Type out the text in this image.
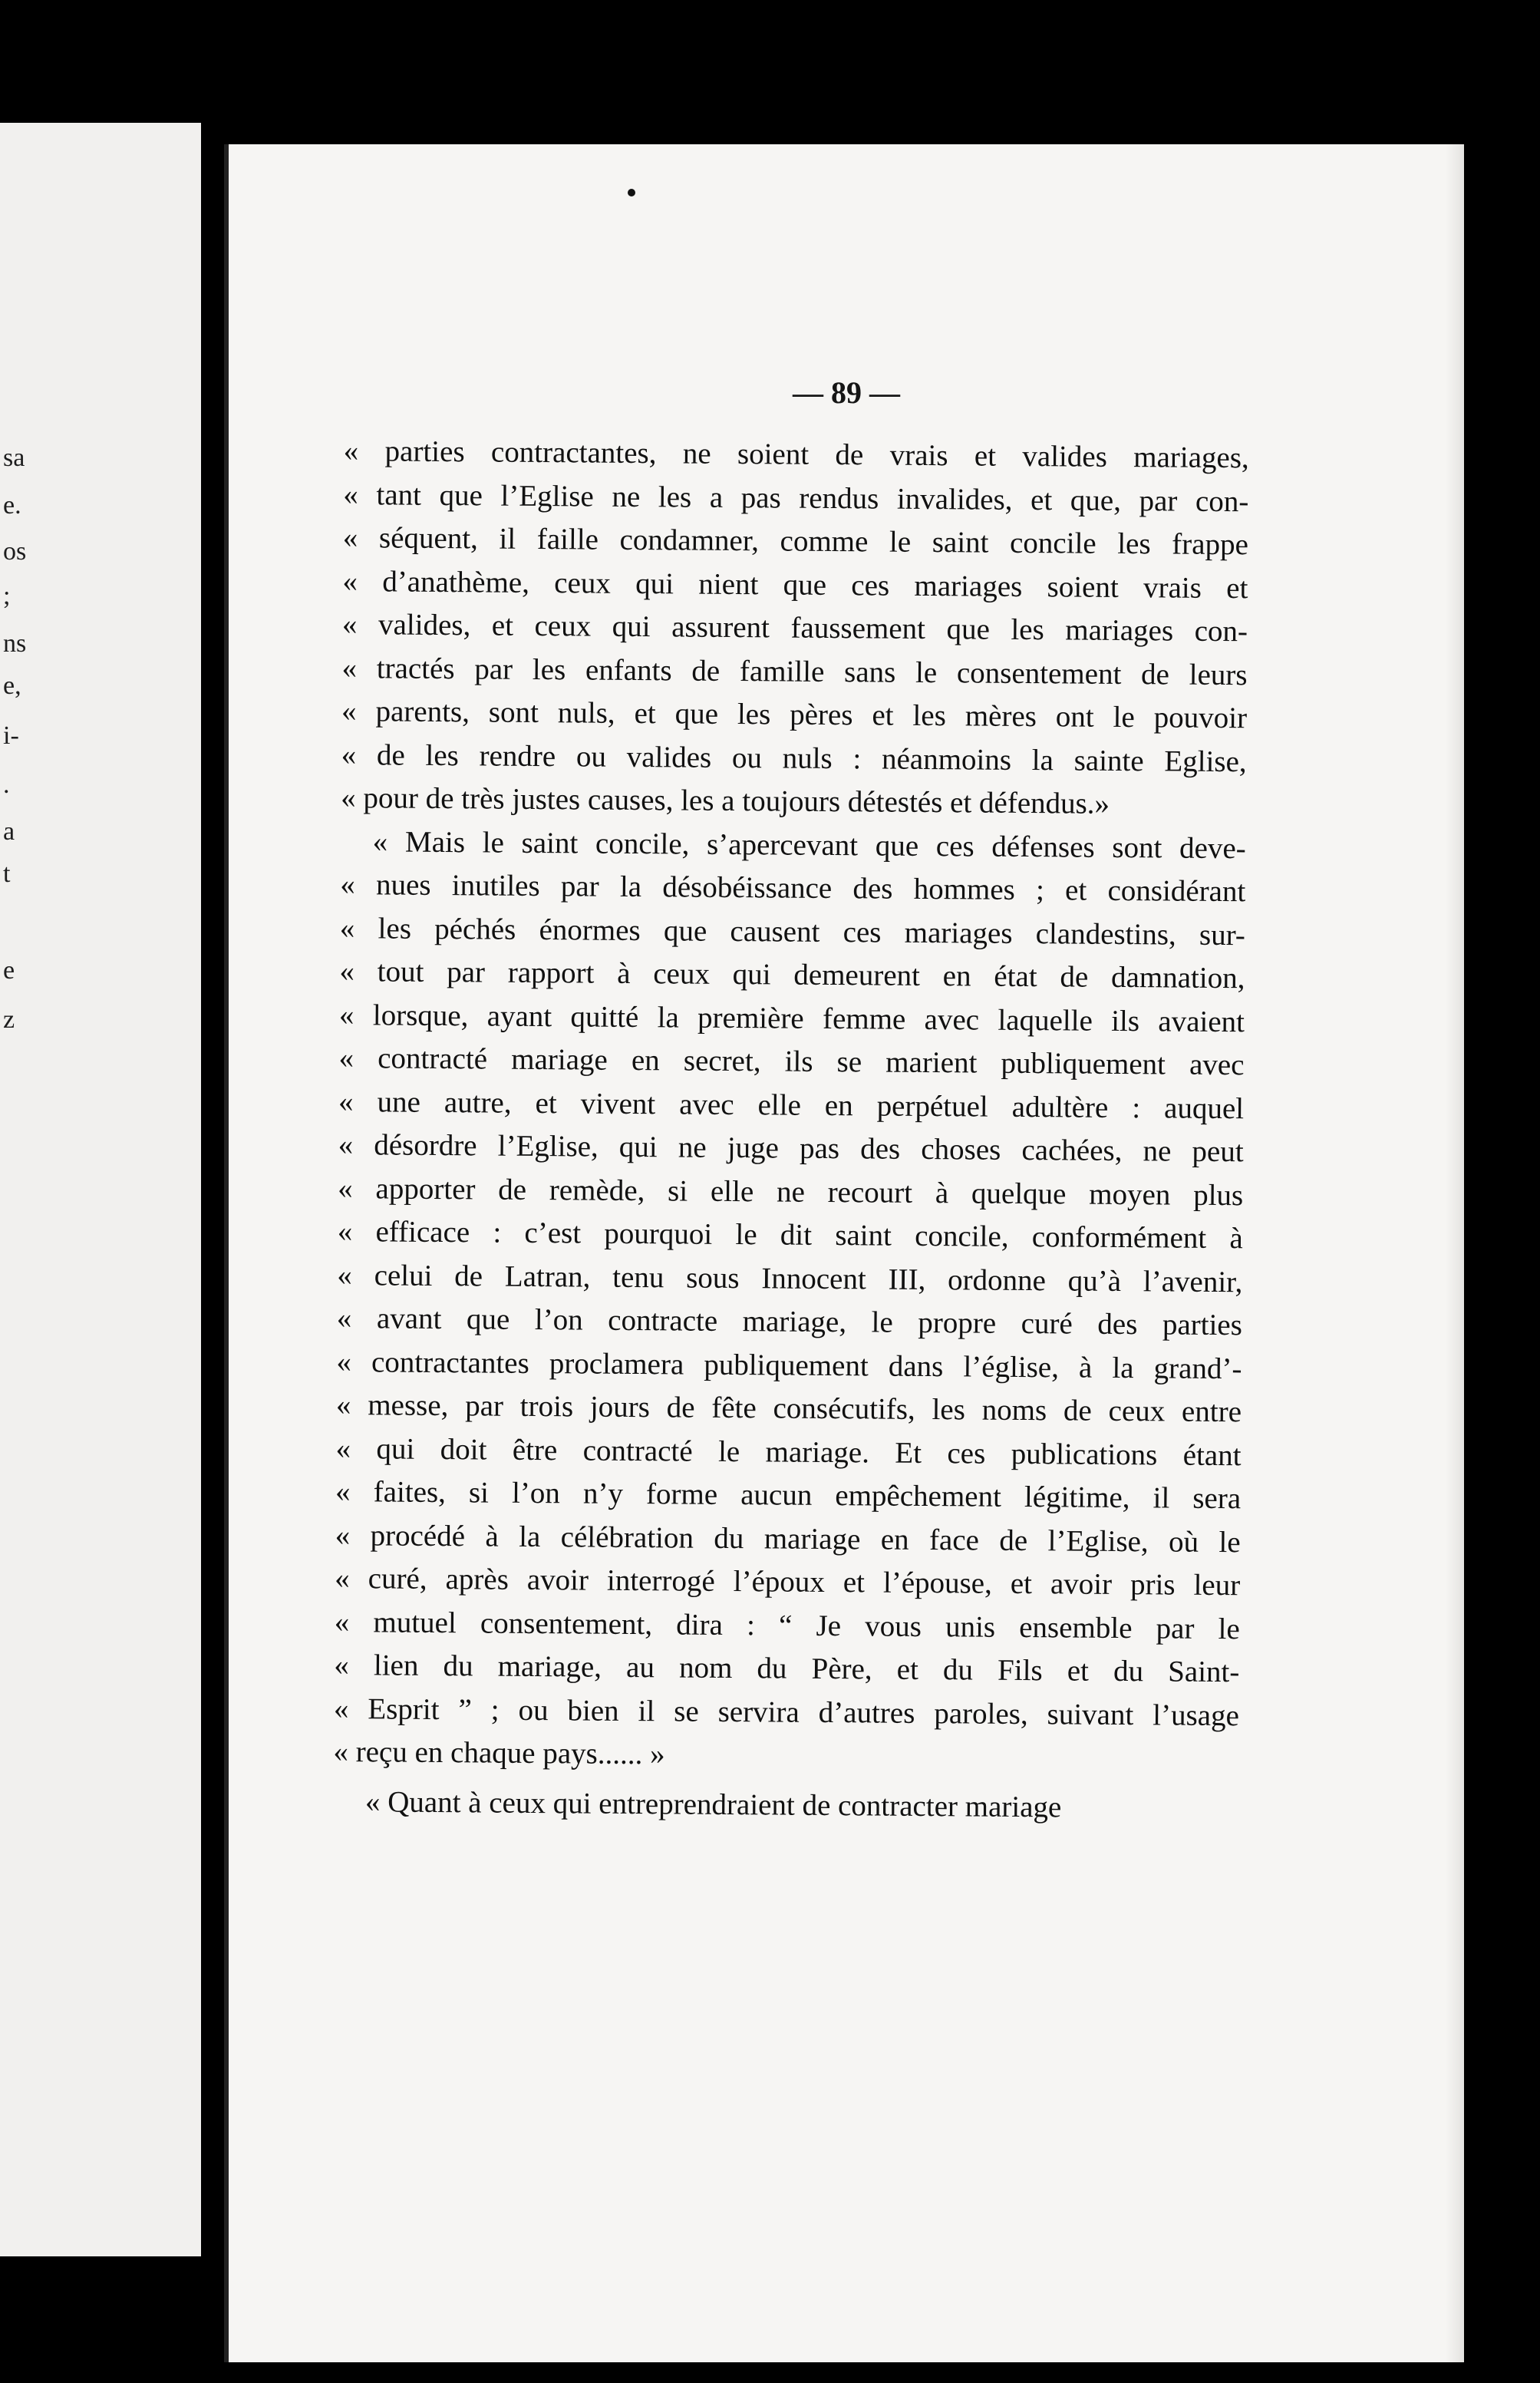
sa
e.
os
;
ns
e,
i-
.
a
t
e
z
— 89 —
« parties contractantes, ne soient de vrais et valides mariages,
« tant que l’Eglise ne les a pas rendus invalides, et que, par con-
« séquent, il faille condamner, comme le saint concile les frappe
« d’anathème, ceux qui nient que ces mariages soient vrais et
« valides, et ceux qui assurent faussement que les mariages con-
« tractés par les enfants de famille sans le consentement de leurs
« parents, sont nuls, et que les pères et les mères ont le pouvoir
« de les rendre ou valides ou nuls : néanmoins la sainte Eglise,
« pour de très justes causes, les a toujours détestés et défendus.»
« Mais le saint concile, s’apercevant que ces défenses sont deve-
« nues inutiles par la désobéissance des hommes ; et considérant
« les péchés énormes que causent ces mariages clandestins, sur-
« tout par rapport à ceux qui demeurent en état de damnation,
« lorsque, ayant quitté la première femme avec laquelle ils avaient
« contracté mariage en secret, ils se marient publiquement avec
« une autre, et vivent avec elle en perpétuel adultère : auquel
« désordre l’Eglise, qui ne juge pas des choses cachées, ne peut
« apporter de remède, si elle ne recourt à quelque moyen plus
« efficace : c’est pourquoi le dit saint concile, conformément à
« celui de Latran, tenu sous Innocent III, ordonne qu’à l’avenir,
« avant que l’on contracte mariage, le propre curé des parties
« contractantes proclamera publiquement dans l’église, à la grand’-
« messe, par trois jours de fête consécutifs, les noms de ceux entre
« qui doit être contracté le mariage. Et ces publications étant
« faites, si l’on n’y forme aucun empêchement légitime, il sera
« procédé à la célébration du mariage en face de l’Eglise, où le
« curé, après avoir interrogé l’époux et l’épouse, et avoir pris leur
« mutuel consentement, dira : “ Je vous unis ensemble par le
« lien du mariage, au nom du Père, et du Fils et du Saint-
« Esprit ” ; ou bien il se servira d’autres paroles, suivant l’usage
« reçu en chaque pays...... »
« Quant à ceux qui entreprendraient de contracter mariage
